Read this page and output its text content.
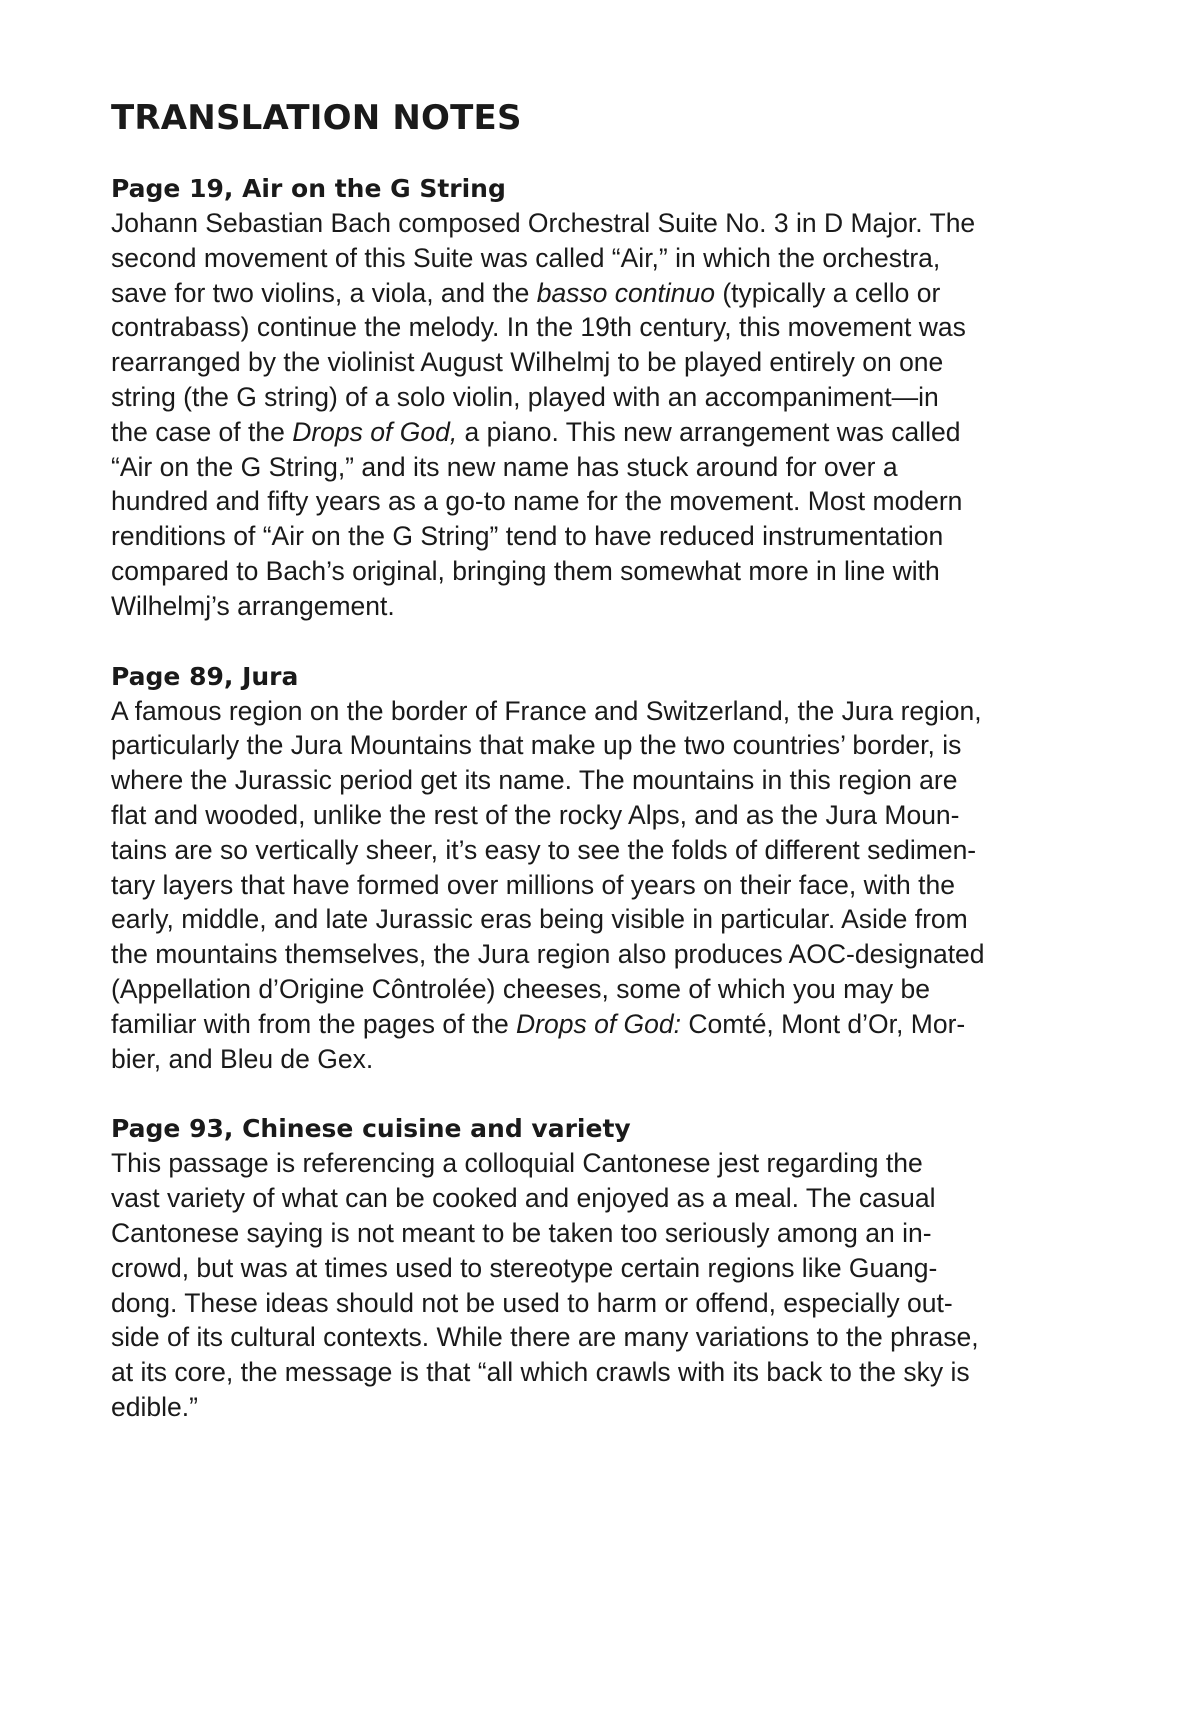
TRANSLATION NOTES
Page 19, Air on the G String
Johann Sebastian Bach composed Orchestral Suite No. 3 in D Major. The
second movement of this Suite was called “Air,” in which the orchestra,
save for two violins, a viola, and the basso continuo (typically a cello or
contrabass) continue the melody. In the 19th century, this movement was
rearranged by the violinist August Wilhelmj to be played entirely on one
string (the G string) of a solo violin, played with an accompaniment—in
the case of the Drops of God, a piano. This new arrangement was called
“Air on the G String,” and its new name has stuck around for over a
hundred and fifty years as a go-to name for the movement. Most modern
renditions of “Air on the G String” tend to have reduced instrumentation
compared to Bach’s original, bringing them somewhat more in line with
Wilhelmj’s arrangement.
Page 89, Jura
A famous region on the border of France and Switzerland, the Jura region,
particularly the Jura Mountains that make up the two countries’ border, is
where the Jurassic period get its name. The mountains in this region are
flat and wooded, unlike the rest of the rocky Alps, and as the Jura Moun-
tains are so vertically sheer, it’s easy to see the folds of different sedimen-
tary layers that have formed over millions of years on their face, with the
early, middle, and late Jurassic eras being visible in particular. Aside from
the mountains themselves, the Jura region also produces AOC-designated
(Appellation d’Origine Côntrolée) cheeses, some of which you may be
familiar with from the pages of the Drops of God: Comté, Mont d’Or, Mor-
bier, and Bleu de Gex.
Page 93, Chinese cuisine and variety
This passage is referencing a colloquial Cantonese jest regarding the
vast variety of what can be cooked and enjoyed as a meal. The casual
Cantonese saying is not meant to be taken too seriously among an in-
crowd, but was at times used to stereotype certain regions like Guang-
dong. These ideas should not be used to harm or offend, especially out-
side of its cultural contexts. While there are many variations to the phrase,
at its core, the message is that “all which crawls with its back to the sky is
edible.”
